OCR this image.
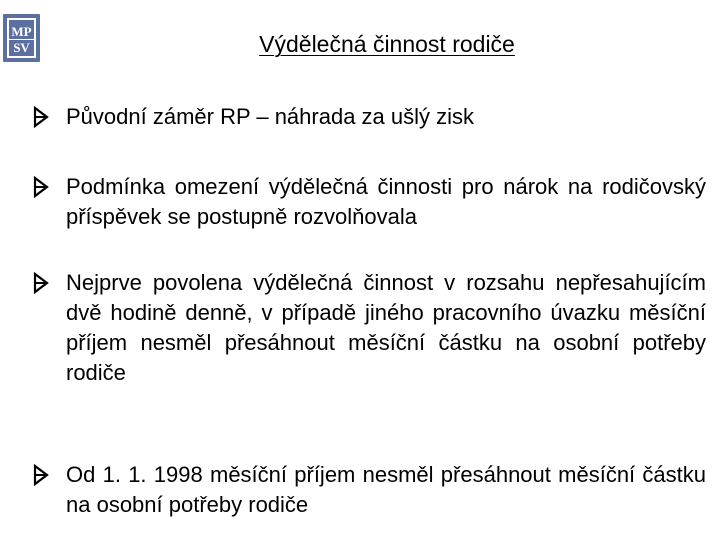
MP
SV	Výdělečná činnost rodiče
Původní záměr RP – náhrada za ušlý zisk
Podmínka omezení výdělečná činnosti pro nárok na rodičovský příspěvek se postupně rozvolňovala
Nejprve povolena výdělečná činnost v rozsahu nepřesahujícím dvě hodině denně, v případě jiného pracovního úvazku měsíční příjem nesměl přesáhnout měsíční částku na osobní potřeby rodiče
Od 1. 1. 1998 měsíční příjem nesměl přesáhnout měsíční částku na osobní potřeby rodiče
